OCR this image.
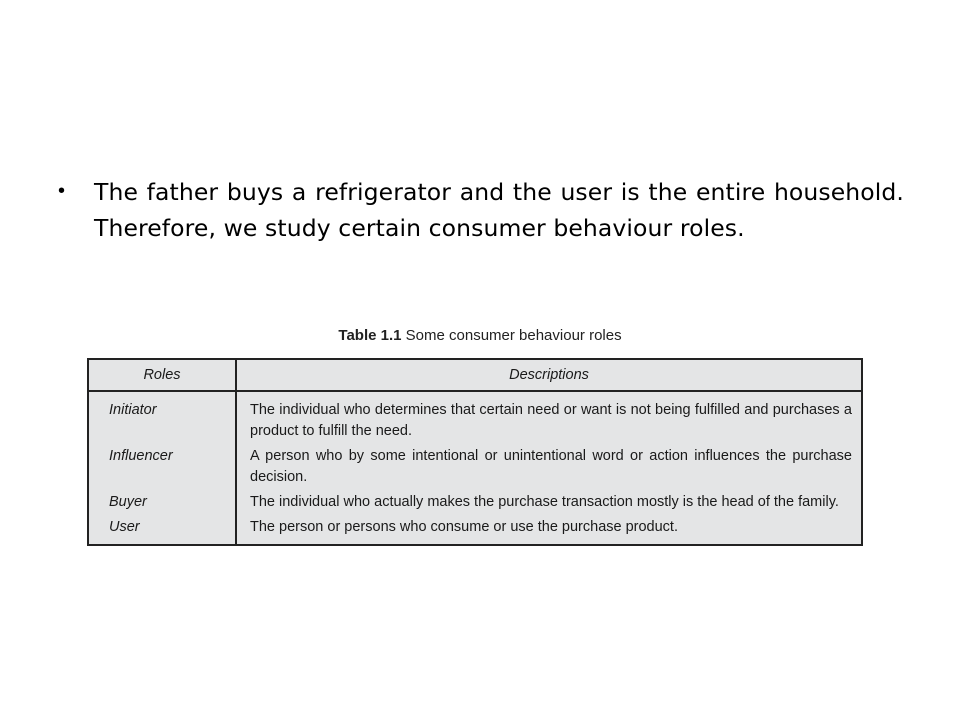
•	The father buys a refrigerator and the user is the entire household. Therefore, we study certain consumer behaviour roles.
Table 1.1 Some consumer behaviour roles
Roles	Descriptions
Initiator	The individual who determines that certain need or want is not being fulfilled and purchases a product to fulfill the need.
Influencer	A person who by some intentional or unintentional word or action influences the purchase decision.
Buyer	The individual who actually makes the purchase transaction mostly is the head of the family.
User	The person or persons who consume or use the purchase product.
